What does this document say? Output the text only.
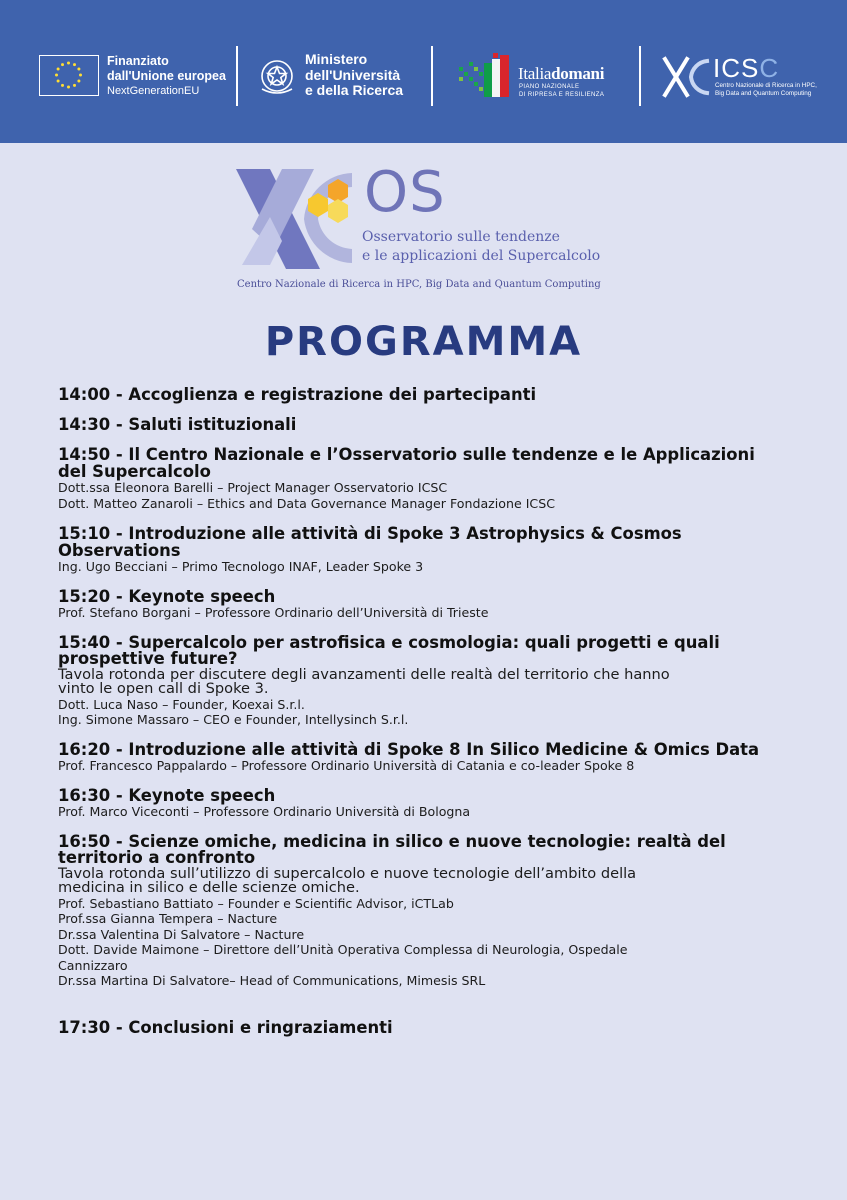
Finanziato
dall'Unione europea
NextGenerationEU
Ministero
dell'Università
e della Ricerca
Italiadomani
PIANO NAZIONALE
DI RIPRESA E RESILIENZA
ICSC
Centro Nazionale di Ricerca in HPC,
Big Data and Quantum Computing
OS
Osservatorio sulle tendenze
e le applicazioni del Supercalcolo
Centro Nazionale di Ricerca in HPC, Big Data and Quantum Computing
PROGRAMMA
14:00 - Accoglienza e registrazione dei partecipanti
14:30 - Saluti istituzionali
14:50 - Il Centro Nazionale e l’Osservatorio sulle tendenze e le Applicazioni
del Supercalcolo
Dott.ssa Eleonora Barelli – Project Manager Osservatorio ICSC
Dott. Matteo Zanaroli – Ethics and Data Governance Manager Fondazione ICSC
15:10 - Introduzione alle attività di Spoke 3 Astrophysics & Cosmos
Observations
Ing. Ugo Becciani – Primo Tecnologo INAF, Leader Spoke 3
15:20 - Keynote speech
Prof. Stefano Borgani – Professore Ordinario dell’Università di Trieste
15:40 - Supercalcolo per astrofisica e cosmologia: quali progetti e quali
prospettive future?
Tavola rotonda per discutere degli avanzamenti delle realtà del territorio che hanno
vinto le open call di Spoke 3.
Dott. Luca Naso – Founder, Koexai S.r.l.
Ing. Simone Massaro – CEO e Founder, Intellysinch S.r.l.
16:20 - Introduzione alle attività di Spoke 8 In Silico Medicine & Omics Data
Prof. Francesco Pappalardo – Professore Ordinario Università di Catania e co-leader Spoke 8
16:30 - Keynote speech
Prof. Marco Viceconti – Professore Ordinario Università di Bologna
16:50 - Scienze omiche, medicina in silico e nuove tecnologie: realtà del
territorio a confronto
Tavola rotonda sull’utilizzo di supercalcolo e nuove tecnologie dell’ambito della
medicina in silico e delle scienze omiche.
Prof. Sebastiano Battiato – Founder e Scientific Advisor, iCTLab
Prof.ssa Gianna Tempera – Nacture
Dr.ssa Valentina Di Salvatore – Nacture
Dott. Davide Maimone – Direttore dell’Unità Operativa Complessa di Neurologia, Ospedale
Cannizzaro
Dr.ssa Martina Di Salvatore– Head of Communications, Mimesis SRL
17:30 - Conclusioni e ringraziamenti
